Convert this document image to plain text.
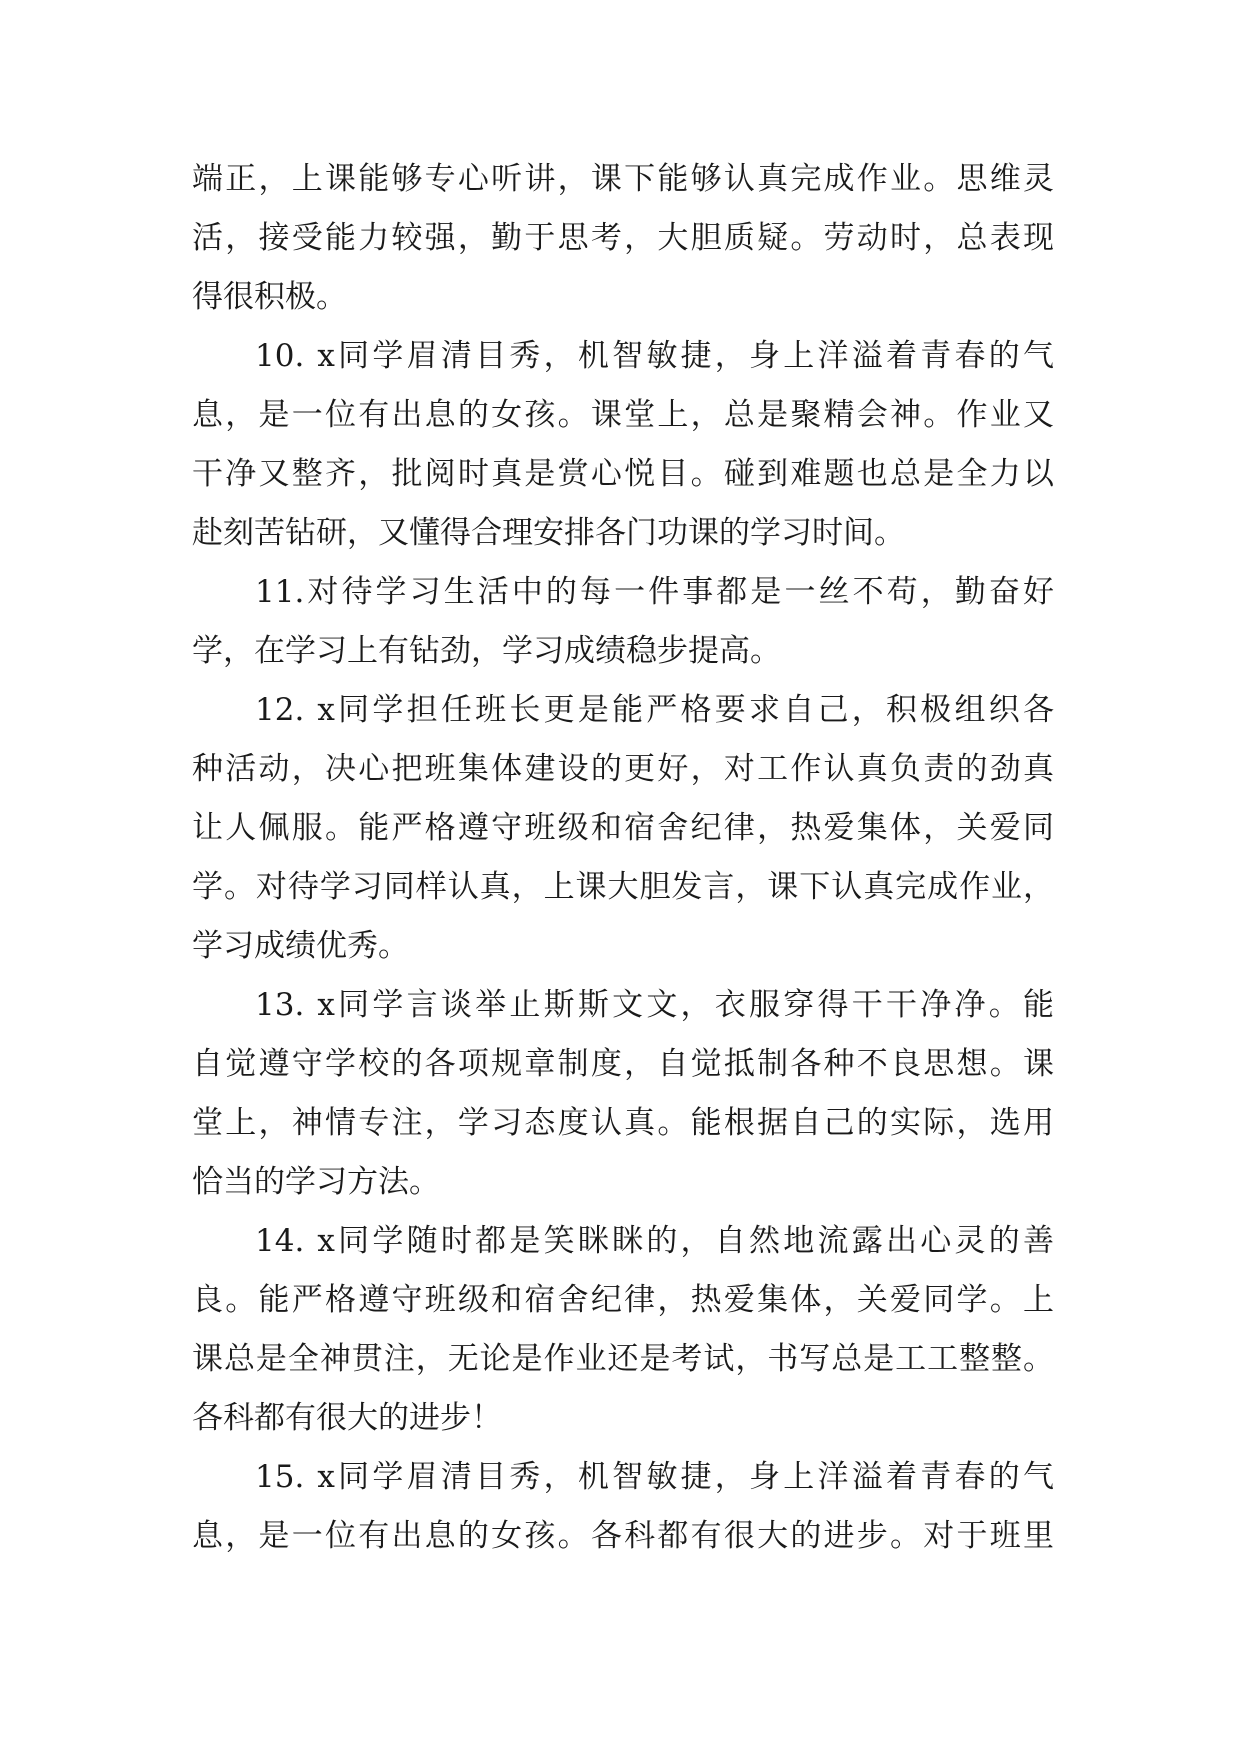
端正，上课能够专心听讲，课下能够认真完成作业。思维灵
活，接受能力较强，勤于思考，大胆质疑。劳动时，总表现
得很积极。
10. x同学眉清目秀，机智敏捷，身上洋溢着青春的气
息，是一位有出息的女孩。课堂上，总是聚精会神。作业又
干净又整齐，批阅时真是赏心悦目。碰到难题也总是全力以
赴刻苦钻研，又懂得合理安排各门功课的学习时间。
11.对待学习生活中的每一件事都是一丝不苟，勤奋好
学，在学习上有钻劲，学习成绩稳步提高。
12. x同学担任班长更是能严格要求自己，积极组织各
种活动，决心把班集体建设的更好，对工作认真负责的劲真
让人佩服。能严格遵守班级和宿舍纪律，热爱集体，关爱同
学。对待学习同样认真，上课大胆发言，课下认真完成作业，
学习成绩优秀。
13. x同学言谈举止斯斯文文，衣服穿得干干净净。能
自觉遵守学校的各项规章制度，自觉抵制各种不良思想。课
堂上，神情专注，学习态度认真。能根据自己的实际，选用
恰当的学习方法。
14. x同学随时都是笑眯眯的，自然地流露出心灵的善
良。能严格遵守班级和宿舍纪律，热爱集体，关爱同学。上
课总是全神贯注，无论是作业还是考试，书写总是工工整整。
各科都有很大的进步！
15. x同学眉清目秀，机智敏捷，身上洋溢着青春的气
息，是一位有出息的女孩。各科都有很大的进步。对于班里
